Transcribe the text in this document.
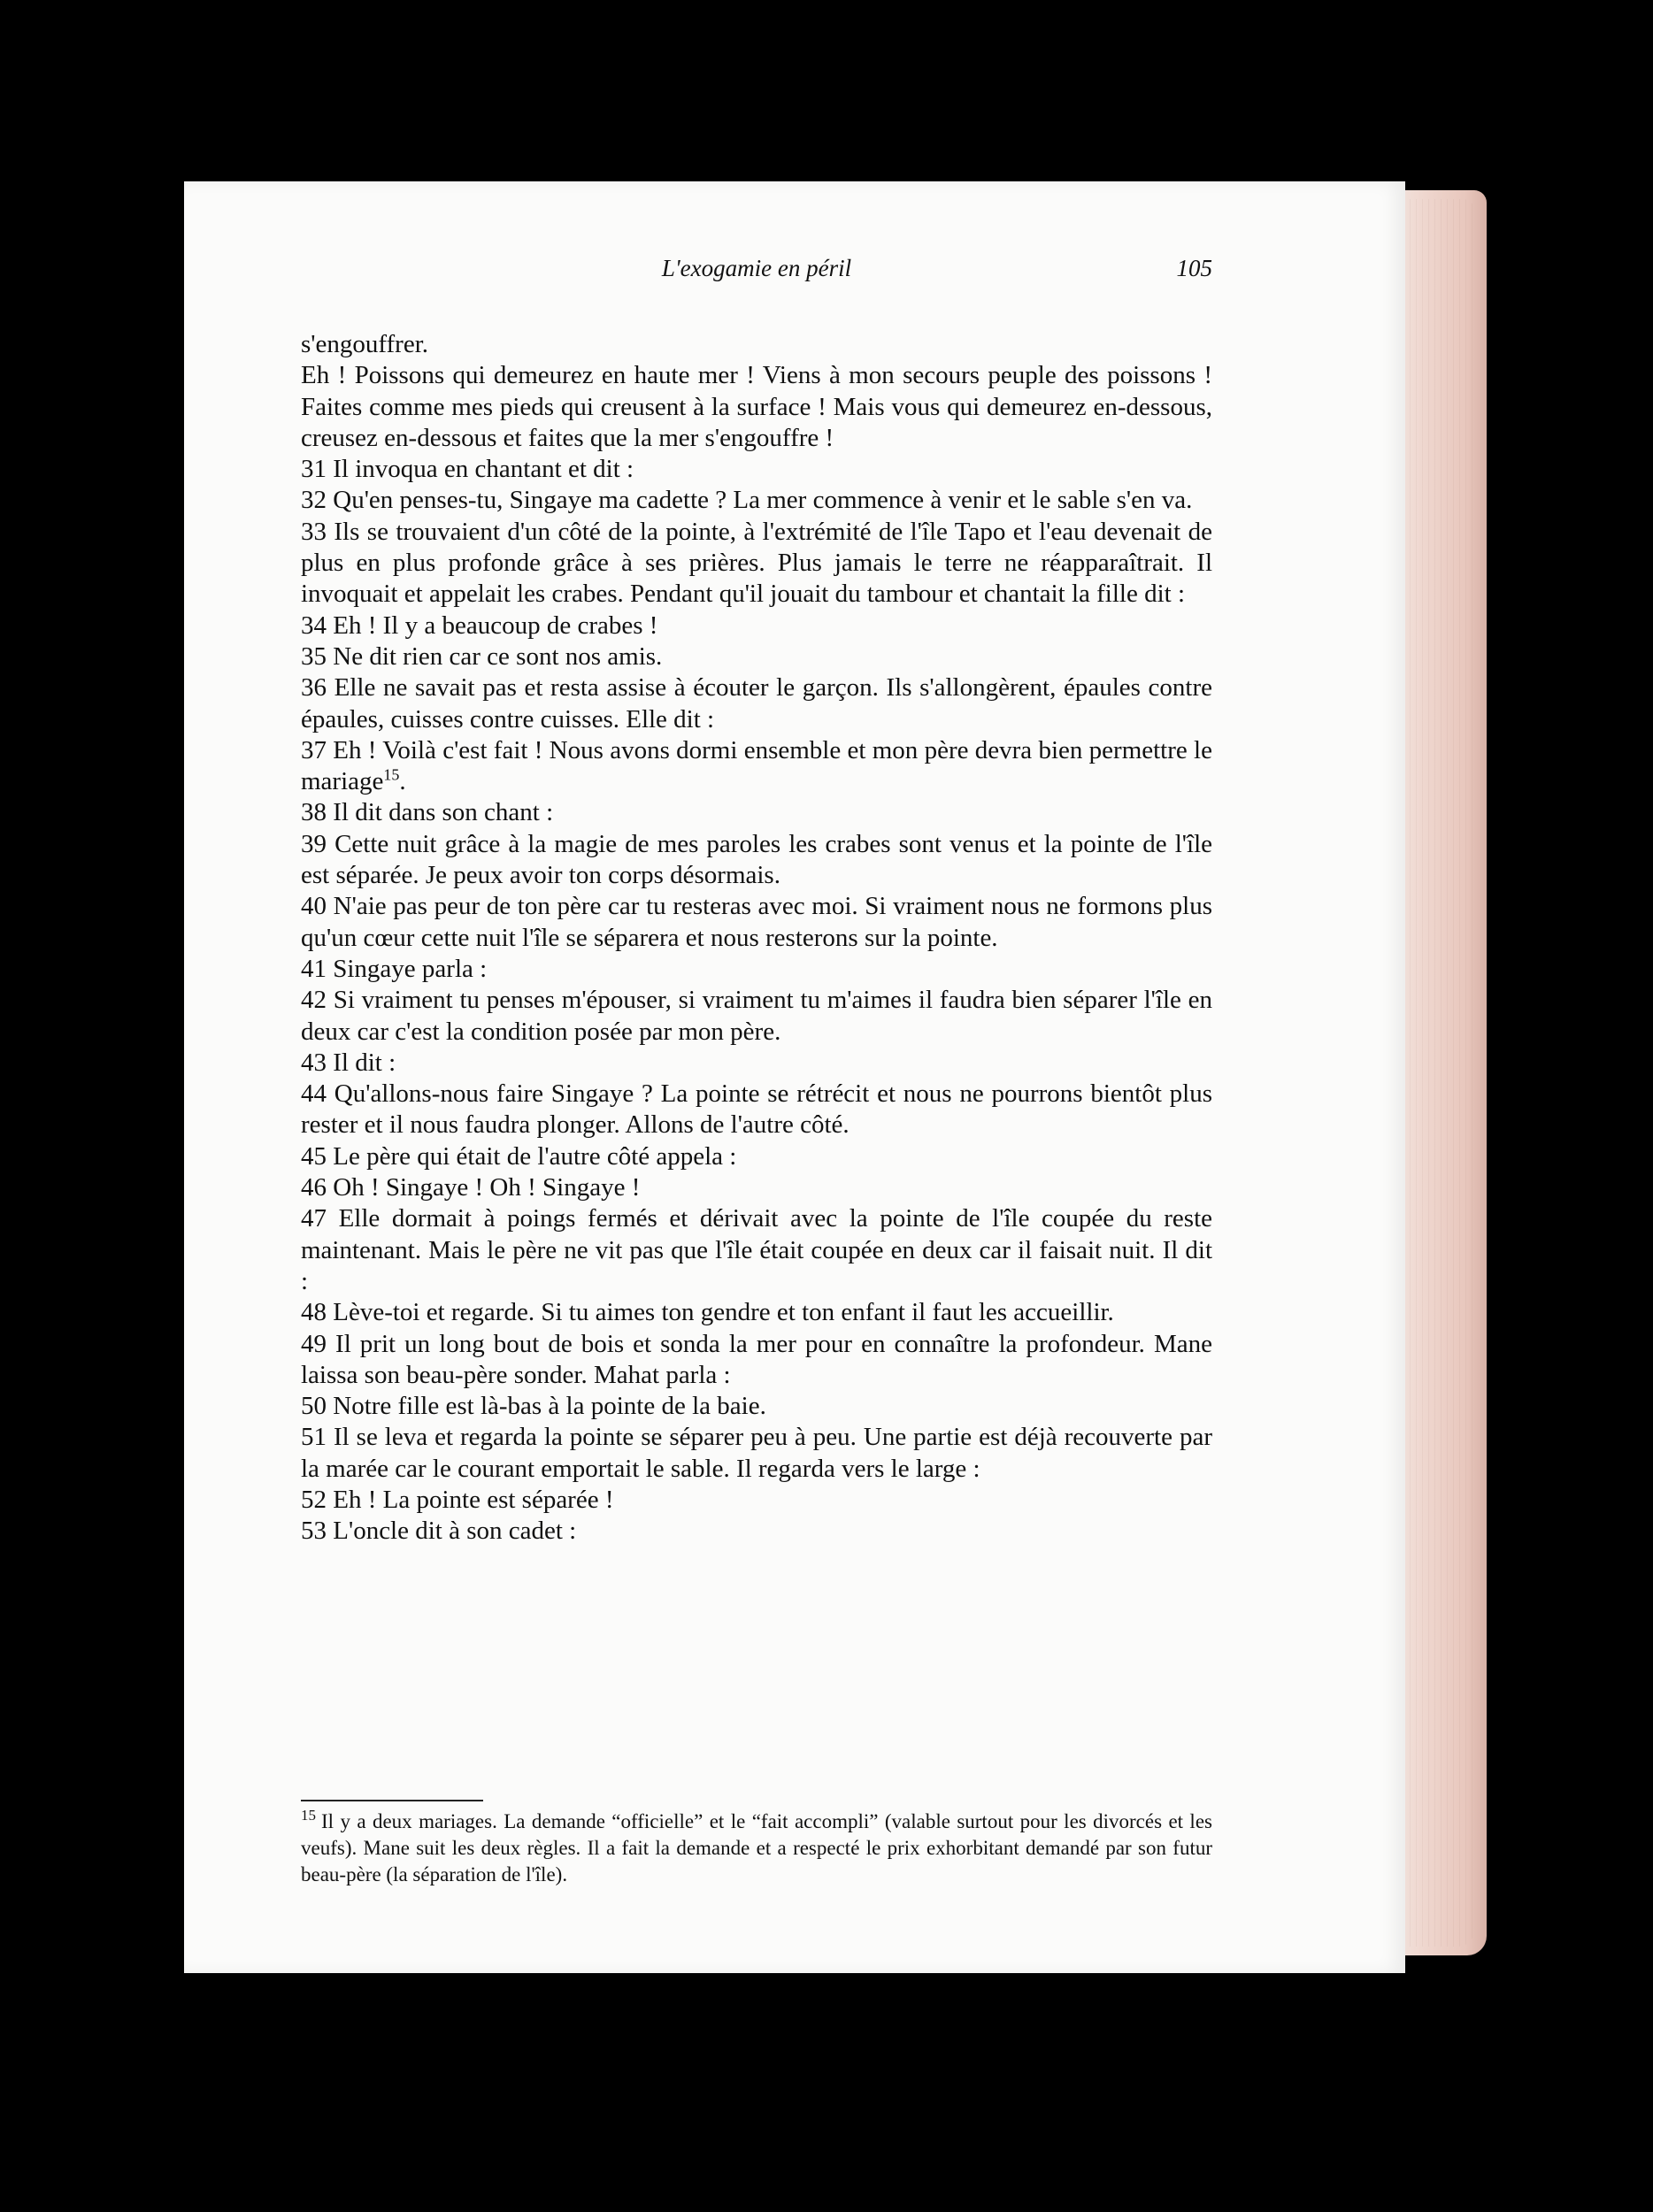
L'exogamie en péril	105

s'engouffrer.

Eh ! Poissons qui demeurez en haute mer ! Viens à mon secours peuple des poissons ! Faites comme mes pieds qui creusent à la surface ! Mais vous qui demeurez en-dessous, creusez en-dessous et faites que la mer s'engouffre !

31 Il invoqua en chantant et dit :

32 Qu'en penses-tu, Singaye ma cadette ? La mer commence à venir et le sable s'en va.

33 Ils se trouvaient d'un côté de la pointe, à l'extrémité de l'île Tapo et l'eau devenait de plus en plus profonde grâce à ses prières. Plus jamais le terre ne réapparaîtrait. Il invoquait et appelait les crabes. Pendant qu'il jouait du tambour et chantait la fille dit :

34 Eh ! Il y a beaucoup de crabes !

35 Ne dit rien car ce sont nos amis.

36 Elle ne savait pas et resta assise à écouter le garçon. Ils s'allongèrent, épaules contre épaules, cuisses contre cuisses. Elle dit :

37 Eh ! Voilà c'est fait ! Nous avons dormi ensemble et mon père devra bien permettre le mariage$^{15}$.

38 Il dit dans son chant :

39 Cette nuit grâce à la magie de mes paroles les crabes sont venus et la pointe de l'île est séparée. Je peux avoir ton corps désormais.

40 N'aie pas peur de ton père car tu resteras avec moi. Si vraiment nous ne formons plus qu'un cœur cette nuit l'île se séparera et nous resterons sur la pointe.

41 Singaye parla :

42 Si vraiment tu penses m'épouser, si vraiment tu m'aimes il faudra bien séparer l'île en deux car c'est la condition posée par mon père.

43 Il dit :

44 Qu'allons-nous faire Singaye ? La pointe se rétrécit et nous ne pourrons bientôt plus rester et il nous faudra plonger. Allons de l'autre côté.

45 Le père qui était de l'autre côté appela :

46 Oh ! Singaye ! Oh ! Singaye !

47 Elle dormait à poings fermés et dérivait avec la pointe de l'île coupée du reste maintenant. Mais le père ne vit pas que l'île était coupée en deux car il faisait nuit. Il dit :

48 Lève-toi et regarde. Si tu aimes ton gendre et ton enfant il faut les accueillir.

49 Il prit un long bout de bois et sonda la mer pour en connaître la profondeur. Mane laissa son beau-père sonder. Mahat parla :

50 Notre fille est là-bas à la pointe de la baie.

51 Il se leva et regarda la pointe se séparer peu à peu. Une partie est déjà recouverte par la marée car le courant emportait le sable. Il regarda vers le large :

52 Eh ! La pointe est séparée !

53 L'oncle dit à son cadet :

$^{15}$ Il y a deux mariages. La demande “officielle” et le “fait accompli” (valable surtout pour les divorcés et les veufs). Mane suit les deux règles. Il a fait la demande et a respecté le prix exhorbitant demandé par son futur beau-père (la séparation de l'île).
